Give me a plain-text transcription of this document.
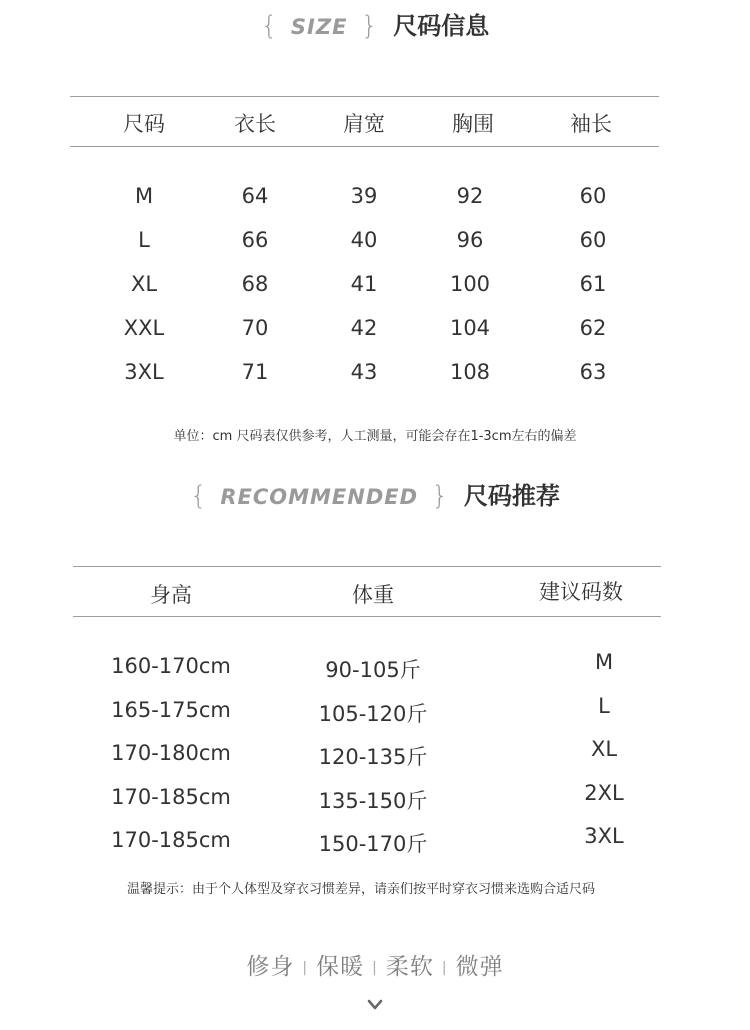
{ SIZE } 尺码信息
尺码	衣长	肩宽	胸围	袖长
M	64	39	92	60
L	66	40	96	60
XL	68	41	100	61
XXL	70	42	104	62
3XL	71	43	108	63
单位：cm 尺码表仅供参考，人工测量，可能会存在1-3cm左右的偏差
{ RECOMMENDED } 尺码推荐
身高	体重	建议码数
160-170cm	90-105斤	M
165-175cm	105-120斤	L
170-180cm	120-135斤	XL
170-185cm	135-150斤	2XL
170-185cm	150-170斤	3XL
温馨提示：由于个人体型及穿衣习惯差异，请亲们按平时穿衣习惯来选购合适尺码
修身 | 保暖 | 柔软 | 微弹
